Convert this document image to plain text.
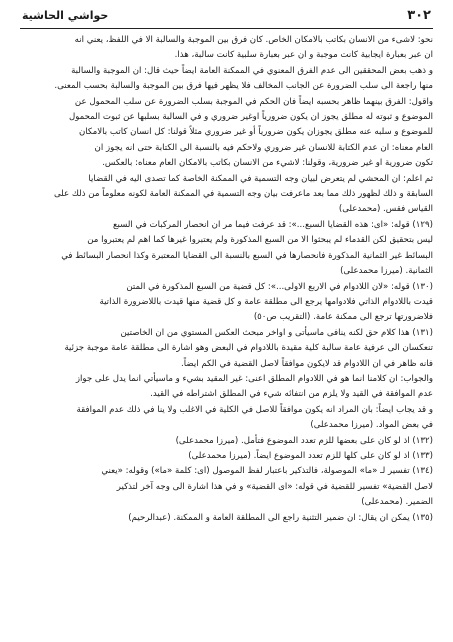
٣٠٢
حواشي الحاشية
نحو: لاشىء من الانسان بكاتب بالامكان الخاص. كان فرق بين الموجبة والسالبة الا في اللفظ، يعني انه
ان عبر بعبارة ايجابية كانت موجبة و ان عبر بعبارة سلبية كانت سالبة، هذا.
و ذهب بعض المحققين الى عدم الفرق المعنوي في الممكنة العامة ايضاً حيث قال: ان الموجبة والسالبة
منها راجعة الى سلب الضرورة عن الجانب المخالف فلا يظهر فيها فرق بين الموجبة والسالبة بحسب المعنى.
واقول: الفرق بينهما ظاهر بحسبه ايضاً فان الحكم في الموجبة بسلب الضرورة عن سلب المحمول عن
الموضوع و ثبوته له مطلق يجوز ان يكون ضرورياً اوغير ضروري و في السالبة بسلبها عن ثبوت المحمول
للموضوع و سلبه عنه مطلق يجوزان يكون ضرورياً أو غير ضروري مثلاً قولنا: كل انسان كاتب بالامكان
العام معناه: ان عدم الكتابة للانسان غير ضروري ولاحكم فيه بالنسبة الى الكتابة حتى انه يجوز ان
تكون ضرورية او غير ضرورية، وقولنا: لاشيء من الانسان بكاتب بالامكان العام معناه: بالعكس.
ثم اعلم: ان المحشي لم يتعرض لبيان وجه التسمية في الممكنة الخاصة كما تصدى اليه في القضايا
السابقة و ذلك لظهور ذلك مما بعد ماعرفت بيان وجه التسمية في الممكنة العامة لكونه معلوماً من ذلك على
القياس فقس. (محمدعلى)
(١٢٩) قوله: «اى: هذه القضايا السبع...»: قد عرفت فيما مر ان انحصار المركبات في السبع
ليس بتحقيق لكن القدماء لم يبحثوا الا من السبع المذكورة ولم يعتبروا غيرها كما اهم لم يعتبروا من
البسائط غير الثمانية المذكورة فانحصارها في السبع بالنسبة الى القضايا المعتبرة وكذا انحصار البسائط في
الثمانية. (ميرزا محمدعلى)
(١٣٠) قوله: «لان اللادوام في الاربع الاولى...»: كل قضية من السبع المذكورة في المتن
قيدت باللادوام الذاتي فلادوامها يرجع الى مطلقة عامة و كل قضية منها قيدت باللاضرورة الذاتية
فلاضرورتها ترجع الى ممكنة عامة. (التقريب ص٥٠)
(١٣١) هذا كلام حق لكنه ينافى ماسيأتى و اواخر مبحث العكس المستوي من ان الخاصتين
تنعكسان الى عرفية عامة سالبة كلية مقيدة باللادوام في البعض وهو اشارة الى مطلقة عامة موجبة جزئية
فانه ظاهر في ان اللادوام قد لايكون موافقاً لاصل القضية في الكم ايضاً.
والجواب: ان كلامنا انما هو في اللادوام المطلق اعنى: غير المقيد بشيء و ماسيأتي انما يدل على جواز
عدم الموافقة في القيد ولا يلزم من انتفائه شيء في المطلق اشتراطه في القيد.
و قد يجاب ايضاً: بان المراد انه يكون موافقاً للاصل في الكلية في الاغلب ولا ينا في ذلك عدم الموافقة
في بعض المواد. (ميرزا محمدعلى)
(١٣٢) اذ لو كان على بعضها للزم تعدد الموضوع فتأمل. (ميرزا محمدعلى)
(١٣٣) اذ لو كان على كلها للزم تعدد الموضوع ايضاً. (ميرزا محمدعلى)
(١٣٤) تفسير لـ «ما» الموصولة، فالتذكير باعتبار لفظ الموصول (اى: كلمة «ما») وقوله: «يعني
لاصل القضية» تفسير للقضية في قوله: «اى القضية» و في هذا اشارة الى وجه آخر لتذكير
الضمير. (محمدعلى)
(١٣٥) يمكن ان يقال: ان ضمير التثنية راجع الى المطلقة العامة و الممكنة. (عبدالرحيم)
